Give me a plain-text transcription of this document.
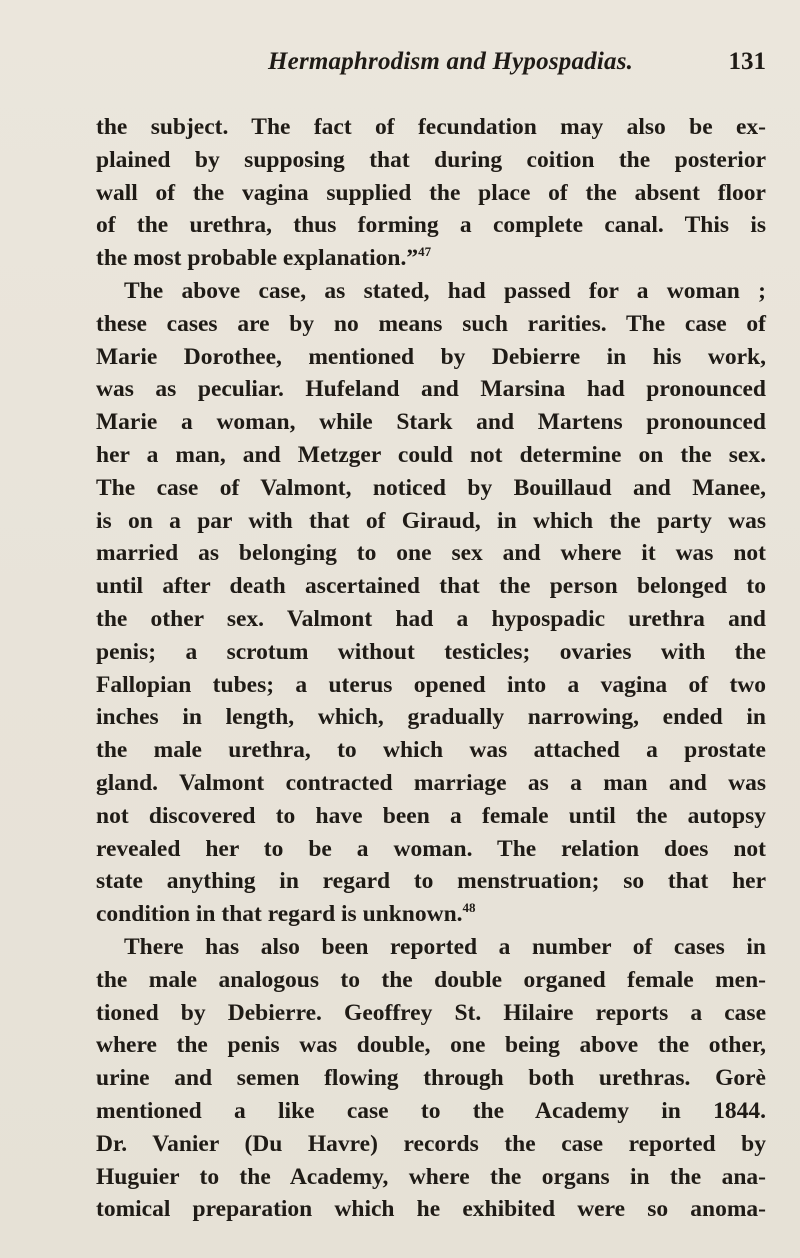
Hermaphrodism and Hypospadias.	131
the subject. The fact of fecundation may also be ex-
plained by supposing that during coition the posterior
wall of the vagina supplied the place of the absent floor
of the urethra, thus forming a complete canal. This is
the most probable explanation.”$^{47}$
The above case, as stated, had passed for a woman ;
these cases are by no means such rarities. The case of
Marie Dorothee, mentioned by Debierre in his work,
was as peculiar. Hufeland and Marsina had pronounced
Marie a woman, while Stark and Martens pronounced
her a man, and Metzger could not determine on the sex.
The case of Valmont, noticed by Bouillaud and Manee,
is on a par with that of Giraud, in which the party was
married as belonging to one sex and where it was not
until after death ascertained that the person belonged to
the other sex. Valmont had a hypospadic urethra and
penis; a scrotum without testicles; ovaries with the
Fallopian tubes; a uterus opened into a vagina of two
inches in length, which, gradually narrowing, ended in
the male urethra, to which was attached a prostate
gland. Valmont contracted marriage as a man and was
not discovered to have been a female until the autopsy
revealed her to be a woman. The relation does not
state anything in regard to menstruation; so that her
condition in that regard is unknown.$^{48}$
There has also been reported a number of cases in
the male analogous to the double organed female men-
tioned by Debierre. Geoffrey St. Hilaire reports a case
where the penis was double, one being above the other,
urine and semen flowing through both urethras. Gorè
mentioned a like case to the Academy in 1844.
Dr. Vanier (Du Havre) records the case reported by
Huguier to the Academy, where the organs in the ana-
tomical preparation which he exhibited were so anoma-
